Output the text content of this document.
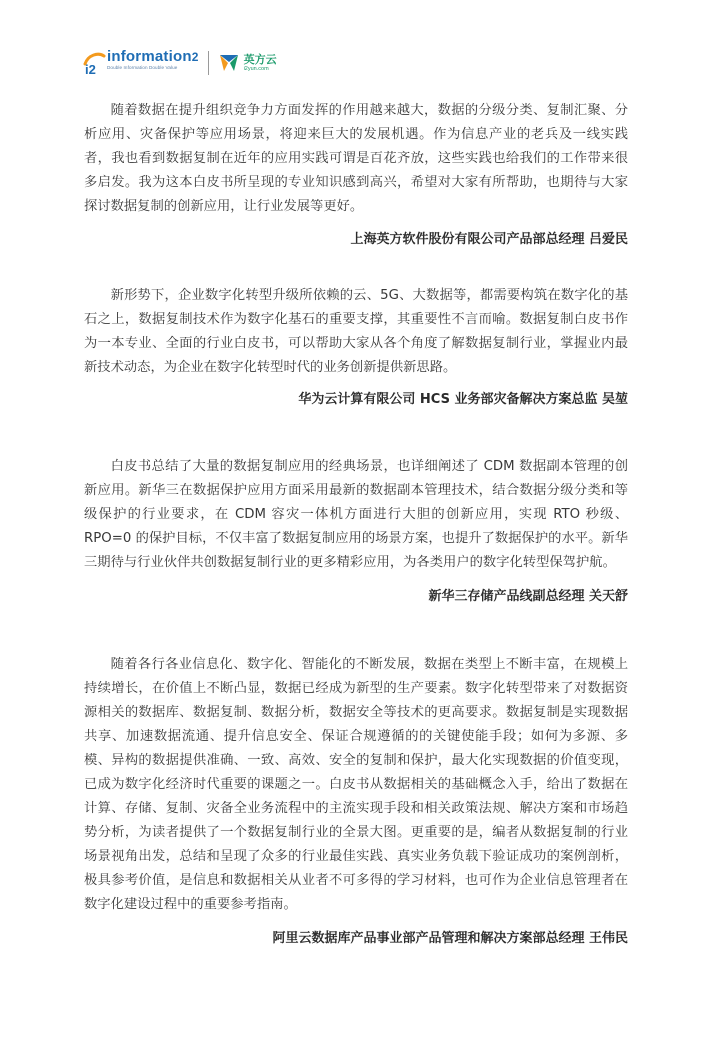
i2
information$^2$
Double Information Double Value
英方云
i2yun.com

随着数据在提升组织竞争力方面发挥的作用越来越大，数据的分级分类、复制汇聚、分析应用、灾备保护等应用场景，将迎来巨大的发展机遇。作为信息产业的老兵及一线实践者，我也看到数据复制在近年的应用实践可谓是百花齐放，这些实践也给我们的工作带来很多启发。我为这本白皮书所呈现的专业知识感到高兴，希望对大家有所帮助，也期待与大家探讨数据复制的创新应用，让行业发展等更好。

上海英方软件股份有限公司产品部总经理 吕爱民

新形势下，企业数字化转型升级所依赖的云、5G、大数据等，都需要构筑在数字化的基石之上，数据复制技术作为数字化基石的重要支撑，其重要性不言而喻。数据复制白皮书作为一本专业、全面的行业白皮书，可以帮助大家从各个角度了解数据复制行业，掌握业内最新技术动态，为企业在数字化转型时代的业务创新提供新思路。

华为云计算有限公司 HCS 业务部灾备解决方案总监 吴堃

白皮书总结了大量的数据复制应用的经典场景，也详细阐述了 CDM 数据副本管理的创新应用。新华三在数据保护应用方面采用最新的数据副本管理技术，结合数据分级分类和等级保护的行业要求，在 CDM 容灾一体机方面进行大胆的创新应用，实现 RTO 秒级、RPO=0 的保护目标，不仅丰富了数据复制应用的场景方案，也提升了数据保护的水平。新华三期待与行业伙伴共创数据复制行业的更多精彩应用，为各类用户的数字化转型保驾护航。

新华三存储产品线副总经理 关天舒

随着各行各业信息化、数字化、智能化的不断发展，数据在类型上不断丰富，在规模上持续增长，在价值上不断凸显，数据已经成为新型的生产要素。数字化转型带来了对数据资源相关的数据库、数据复制、数据分析，数据安全等技术的更高要求。数据复制是实现数据共享、加速数据流通、提升信息安全、保证合规遵循的的关键使能手段；如何为多源、多模、异构的数据提供准确、一致、高效、安全的复制和保护，最大化实现数据的价值变现，已成为数字化经济时代重要的课题之一。白皮书从数据相关的基础概念入手，给出了数据在计算、存储、复制、灾备全业务流程中的主流实现手段和相关政策法规、解决方案和市场趋势分析，为读者提供了一个数据复制行业的全景大图。更重要的是，编者从数据复制的行业场景视角出发，总结和呈现了众多的行业最佳实践、真实业务负载下验证成功的案例剖析，极具参考价值，是信息和数据相关从业者不可多得的学习材料，也可作为企业信息管理者在数字化建设过程中的重要参考指南。

阿里云数据库产品事业部产品管理和解决方案部总经理 王伟民
